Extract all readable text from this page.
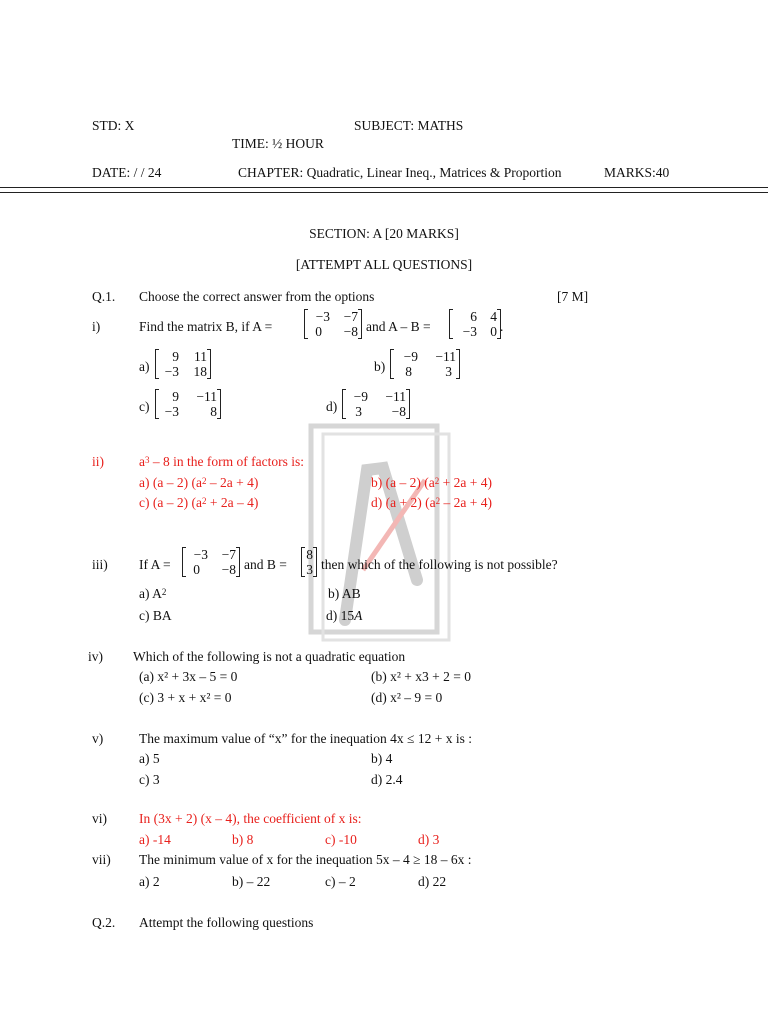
STD: X	SUBJECT: MATHS
TIME: ½ HOUR
DATE: / / 24	CHAPTER: Quadratic, Linear Ineq., Matrices & Proportion	MARKS:40
SECTION: A [20 MARKS]
[ATTEMPT ALL QUESTIONS]
Q.1. Choose the correct answer from the options	[7 M]
i)	Find the matrix B, if A =
−3	−7
0	−8 and A – B =
6 4
−3 0 .
a)
9	11
−3	18	b)
−9	−11
8	3
c)
9	−11
−3	8	d)
−9	−11
3	−8
ii)	$a^3 - 8$ in the form of factors is:
a) (a – 2) $(a^2 - 2a + 4)$	b) (a – 2) $(a^2 + 2a + 4)$
c) (a – 2) $(a^2 + 2a - 4)$	d) (a + 2) $(a^2 - 2a + 4)$
iii) If A =
−3	−7
0	−8 and B =
8
3 then which of the following is not possible?
a) $A^2$	b) AB
c) BA	d) 15A
iv) Which of the following is not a quadratic equation
(a) x² + 3x – 5 = 0	(b) x² + x3 + 2 = 0
(c) 3 + x + x² = 0	(d) x² – 9 = 0
v)	The maximum value of “x” for the inequation 4x ≤ 12 + x is :
a) 5	b) 4
c) 3	d) 2.4
vi) In (3x + 2) (x – 4), the coefficient of x is:
a) -14	b) 8	c) -10	d) 3
vii) The minimum value of x for the inequation 5x – 4 ≥ 18 – 6x :
a) 2	b) – 22	c) – 2	d) 22
Q.2. Attempt the following questions
